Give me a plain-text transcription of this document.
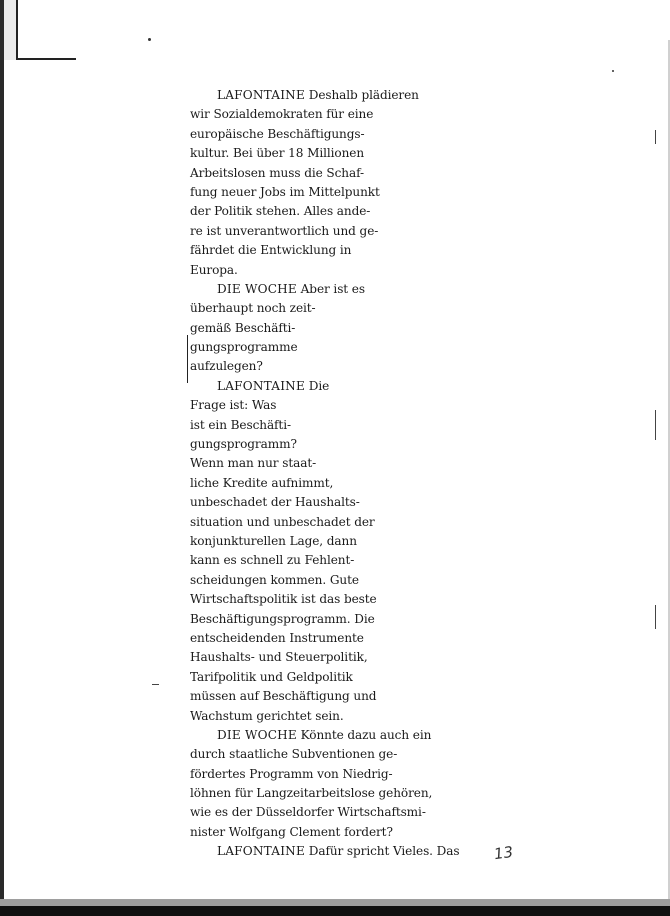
LAFONTAINE Deshalb plädieren
wir Sozialdemokraten für eine
europäische Beschäftigungs-
kultur. Bei über 18 Millionen
Arbeitslosen muss die Schaf-
fung neuer Jobs im Mittelpunkt
der Politik stehen. Alles ande-
re ist unverantwortlich und ge-
fährdet die Entwicklung in
Europa.
DIE WOCHE Aber ist es
überhaupt noch zeit-
gemäß Beschäfti-
gungsprogramme
aufzulegen?
LAFONTAINE Die
Frage ist: Was
ist ein Beschäfti-
gungsprogramm?
Wenn man nur staat-
liche Kredite aufnimmt,
unbeschadet der Haushalts-
situation und unbeschadet der
konjunkturellen Lage, dann
kann es schnell zu Fehlent-
scheidungen kommen. Gute
Wirtschaftspolitik ist das beste
Beschäftigungsprogramm. Die
entscheidenden Instrumente
Haushalts- und Steuerpolitik,
Tarifpolitik und Geldpolitik
müssen auf Beschäftigung und
Wachstum gerichtet sein.
DIE WOCHE Könnte dazu auch ein
durch staatliche Subventionen ge-
fördertes Programm von Niedrig-
löhnen für Langzeitarbeitslose gehören,
wie es der Düsseldorfer Wirtschaftsmi-
nister Wolfgang Clement fordert?
LAFONTAINE Dafür spricht Vieles. Das	13
